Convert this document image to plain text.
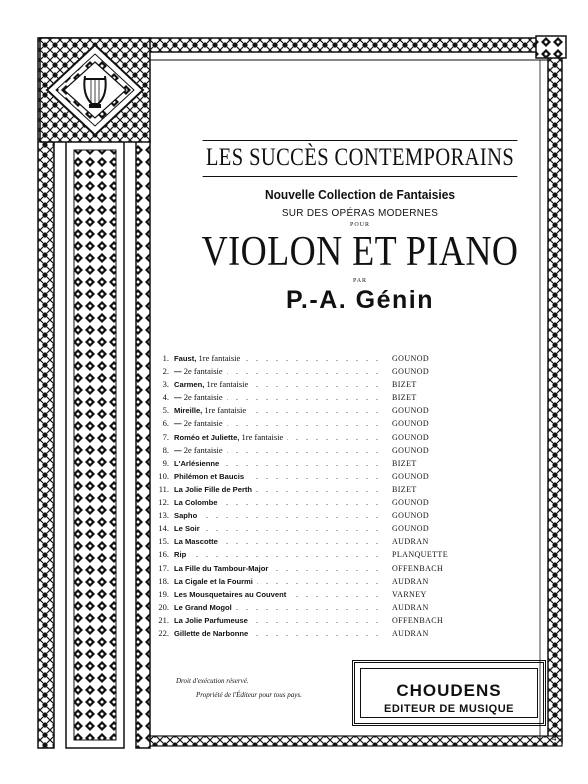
LES SUCCÈS CONTEMPORAINS
Nouvelle Collection de Fantaisies
SUR DES OPÉRAS MODERNES
POUR
VIOLON ET PIANO
PAR
P.-A. Génin
. . .
1. Faust, 1re fantaisie	GOUNOD
. . .
2. — 2e fantaisie	GOUNOD
. . .
3. Carmen, 1re fantaisie	BIZET
. . .
4. — 2e fantaisie	BIZET
. . .
5. Mireille, 1re fantaisie	GOUNOD
. . .
6. — 2e fantaisie	GOUNOD
. . .
7. Roméo et Juliette, 1re fantaisie	GOUNOD
. . .
8. — 2e fantaisie	GOUNOD
. . .
9. L'Arlésienne	BIZET
. . .
10. Philémon et Baucis	GOUNOD
. . .
11. La Jolie Fille de Perth	BIZET
. . .
12. La Colombe	GOUNOD
. . .
13. Sapho	GOUNOD
. . .
14. Le Soir	GOUNOD
. . .
15. La Mascotte	AUDRAN
. . .
16. Rip	PLANQUETTE
. . .
17. La Fille du Tambour-Major	OFFENBACH
. . .
18. La Cigale et la Fourmi	AUDRAN
. . .
19. Les Mousquetaires au Couvent	VARNEY
. . .
20. Le Grand Mogol	AUDRAN
. . .
21. La Jolie Parfumeuse	OFFENBACH
. . .
22. Gillette de Narbonne	AUDRAN
Droit d'exécution réservé.
Propriété de l'Éditeur pour tous pays.	CHOUDENS
EDITEUR DE MUSIQUE
4
